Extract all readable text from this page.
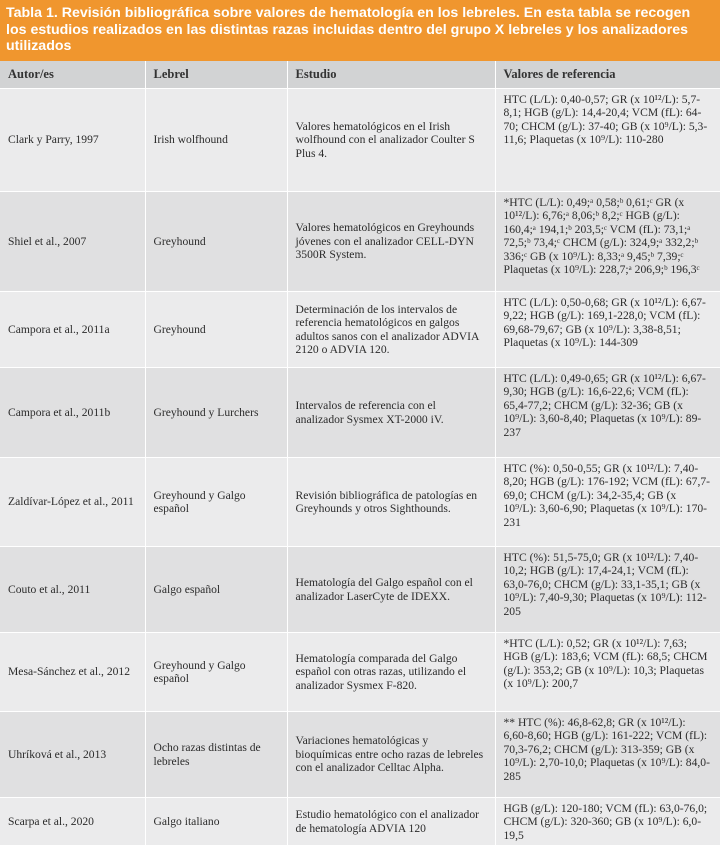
Tabla 1. Revisión bibliográfica sobre valores de hematología en los lebreles. En esta tabla se recogen los estudios realizados en las distintas razas incluidas dentro del grupo X lebreles y los analizadores utilizados
Autor/es	Lebrel	Estudio	Valores de referencia
Clark y Parry, 1997	Irish wolfhound	Valores hematológicos en el Irish wolfhound con el analizador Coulter S Plus 4.	HTC (L/L): 0,40-0,57; GR (x 10¹²/L): 5,7-8,1; HGB (g/L): 14,4-20,4; VCM (fL): 64-70; CHCM (g/L): 37-40; GB (x 10⁹/L): 5,3-11,6; Plaquetas (x 10⁹/L): 110-280
Shiel et al., 2007	Greyhound	Valores hematológicos en Greyhounds jóvenes con el analizador CELL-DYN 3500R System.	*HTC (L/L): 0,49;ᵃ 0,58;ᵇ 0,61;ᶜ GR (x 10¹²/L): 6,76;ᵃ 8,06;ᵇ 8,2;ᶜ HGB (g/L): 160,4;ᵃ 194,1;ᵇ 203,5;ᶜ VCM (fL): 73,1;ᵃ 72,5;ᵇ 73,4;ᶜ CHCM (g/L): 324,9;ᵃ 332,2;ᵇ 336;ᶜ GB (x 10⁹/L): 8,33;ᵃ 9,45;ᵇ 7,39;ᶜ Plaquetas (x 10⁹/L): 228,7;ᵃ 206,9;ᵇ 196,3ᶜ
Campora et al., 2011a	Greyhound	Determinación de los intervalos de referencia hematológicos en galgos adultos sanos con el analizador ADVIA 2120 o ADVIA 120.	HTC (L/L): 0,50-0,68; GR (x 10¹²/L): 6,67-9,22; HGB (g/L): 169,1-228,0; VCM (fL): 69,68-79,67; GB (x 10⁹/L): 3,38-8,51; Plaquetas (x 10⁹/L): 144-309
Campora et al., 2011b	Greyhound y Lurchers	Intervalos de referencia con el analizador Sysmex XT-2000 iV.	HTC (L/L): 0,49-0,65; GR (x 10¹²/L): 6,67-9,30; HGB (g/L): 16,6-22,6; VCM (fL): 65,4-77,2; CHCM (g/L): 32-36; GB (x 10⁹/L): 3,60-8,40; Plaquetas (x 10⁹/L): 89-237
Zaldívar-López et al., 2011	Greyhound y Galgo español	Revisión bibliográfica de patologías en Greyhounds y otros Sighthounds.	HTC (%): 0,50-0,55; GR (x 10¹²/L): 7,40-8,20; HGB (g/L): 176-192; VCM (fL): 67,7-69,0; CHCM (g/L): 34,2-35,4; GB (x 10⁹/L): 3,60-6,90; Plaquetas (x 10⁹/L): 170-231
Couto et al., 2011	Galgo español	Hematología del Galgo español con el analizador LaserCyte de IDEXX.	HTC (%): 51,5-75,0; GR (x 10¹²/L): 7,40-10,2; HGB (g/L): 17,4-24,1; VCM (fL): 63,0-76,0; CHCM (g/L): 33,1-35,1; GB (x 10⁹/L): 7,40-9,30; Plaquetas (x 10⁹/L): 112-205
Mesa-Sánchez et al., 2012	Greyhound y Galgo español	Hematología comparada del Galgo español con otras razas, utilizando el analizador Sysmex F-820.	*HTC (L/L): 0,52; GR (x 10¹²/L): 7,63; HGB (g/L): 183,6; VCM (fL): 68,5; CHCM (g/L): 353,2; GB (x 10⁹/L): 10,3; Plaquetas (x 10⁹/L): 200,7
Uhríková et al., 2013	Ocho razas distintas de lebreles	Variaciones hematológicas y bioquímicas entre ocho razas de lebreles con el analizador Celltac Alpha.	** HTC (%): 46,8-62,8; GR (x 10¹²/L): 6,60-8,60; HGB (g/L): 161-222; VCM (fL): 70,3-76,2; CHCM (g/L): 313-359; GB (x 10⁹/L): 2,70-10,0; Plaquetas (x 10⁹/L): 84,0-285
Scarpa et al., 2020	Galgo italiano	Estudio hematológico con el analizador de hematología ADVIA 120	HGB (g/L): 120-180; VCM (fL): 63,0-76,0; CHCM (g/L): 320-360; GB (x 10⁹/L): 6,0-19,5
